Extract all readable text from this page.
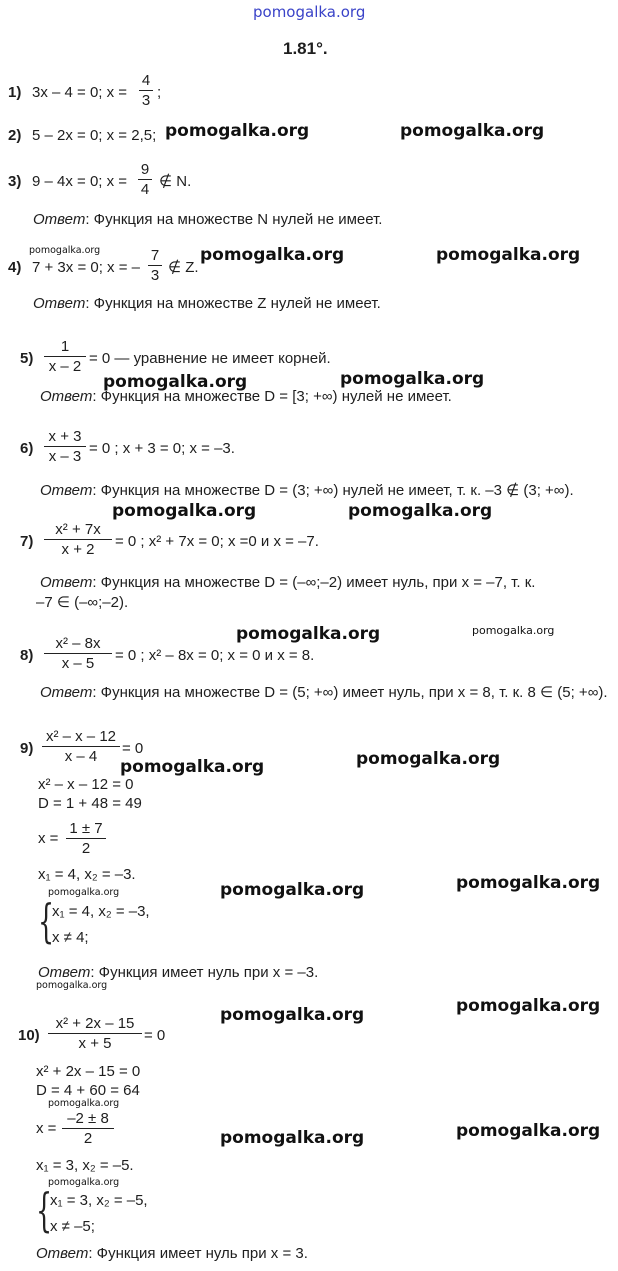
pomogalka.org
1.81°.
1) 3x – 4 = 0; x =
4
3 ;
2) 5 – 2x = 0; x = 2,5; pomogalka.org	pomogalka.org
3) 9 – 4x = 0; x =
9
4 ∉ N.
Ответ: Функция на множестве N нулей не имеет.
pomogalka.org
4) 7 + 3x = 0; x = –
7
3 ∉ Z.
pomogalka.org	pomogalka.org
Ответ: Функция на множестве Z нулей не имеет.
5)
1
x – 2 = 0 — уравнение не имеет корней.
pomogalka.org	pomogalka.org
Ответ: Функция на множестве D = [3; +∞) нулей не имеет.
6)
x + 3
x – 3 = 0 ; x + 3 = 0; x = –3.
Ответ: Функция на множестве D = (3; +∞) нулей не имеет, т. к. –3 ∉ (3; +∞).
pomogalka.org	pomogalka.org
7)
x² + 7x
x + 2	= 0 ; x² + 7x = 0; x =0 и x = –7.
Ответ: Функция на множестве D = (–∞;–2) имеет нуль, при x = –7, т. к.
–7 ∈ (–∞;–2).
pomogalka.org	pomogalka.org
8)
x² – 8x
x – 5	= 0 ; x² – 8x = 0; x = 0 и x = 8.
Ответ: Функция на множестве D = (5; +∞) имеет нуль, при x = 8, т. к. 8 ∈ (5; +∞).
9)
x² – x – 12
x – 4	= 0
pomogalka.org	pomogalka.org
x² – x – 12 = 0
D = 1 + 48 = 49
x =
1 ± 7
2
x₁ = 4, x₂ = –3.
pomogalka.org	pomogalka.org	pomogalka.org
{
x₁ = 4, x₂ = –3,
x ≠ 4;
Ответ: Функция имеет нуль при x = –3.
pomogalka.org
pomogalka.org
pomogalka.org
10)
x² + 2x – 15
x + 5	= 0
x² + 2x – 15 = 0
D = 4 + 60 = 64
pomogalka.org
x =
–2 ± 8
2	pomogalka.org	pomogalka.org
x₁ = 3, x₂ = –5.
pomogalka.org
{
x₁ = 3, x₂ = –5,
x ≠ –5;
Ответ: Функция имеет нуль при x = 3.
